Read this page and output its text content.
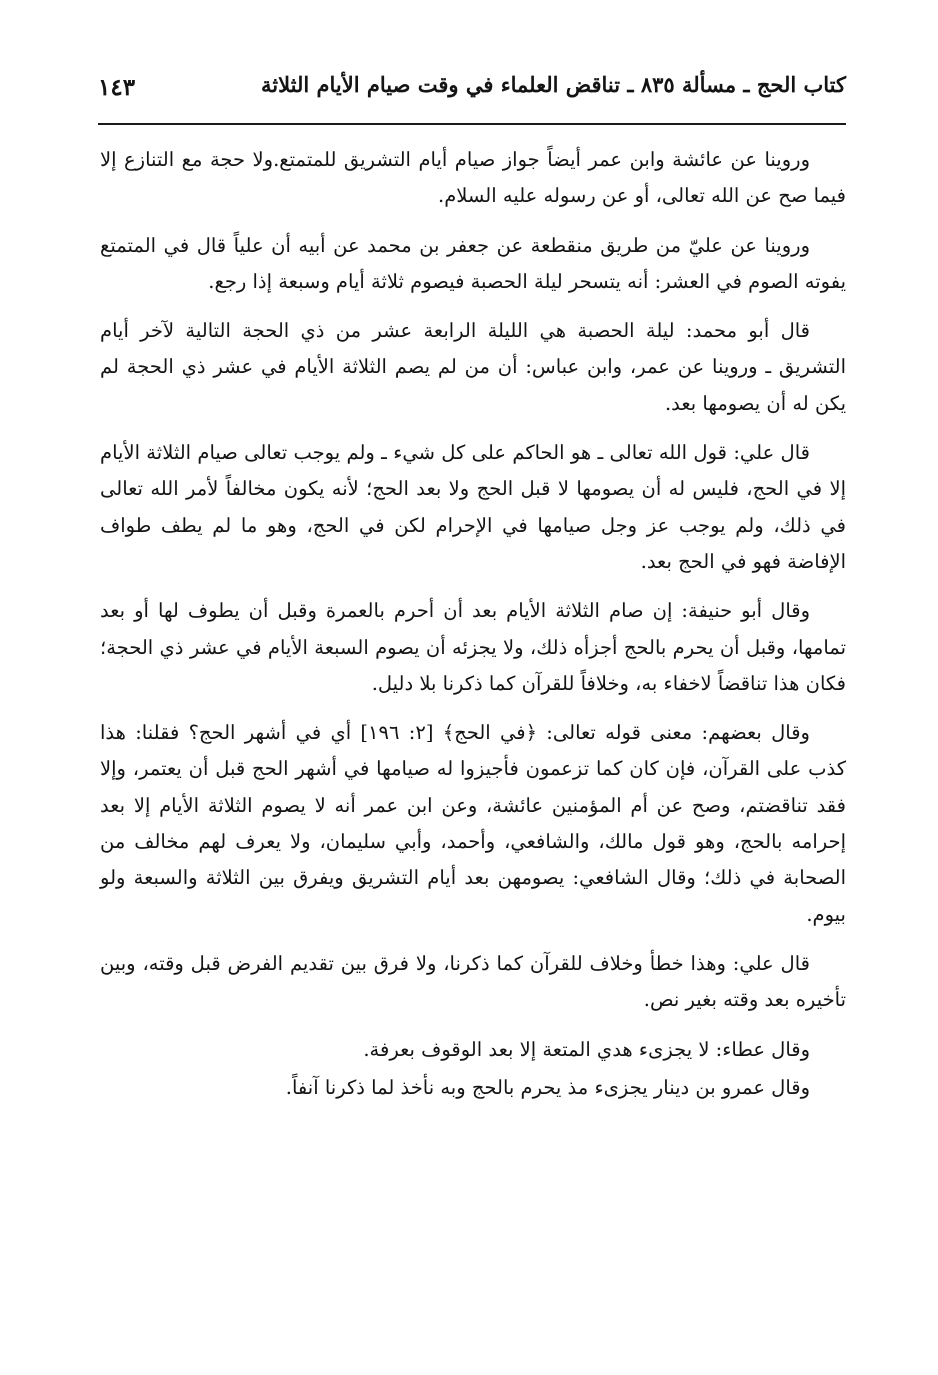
كتاب الحج ـ مسألة ٨٣٥ ـ تناقض العلماء في وقت صيام الأيام الثلاثة
١٤٣

وروينا عن عائشة وابن عمر أيضاً جواز صيام أيام التشريق للمتمتع.ولا حجة مع التنازع إلا فيما صح عن الله تعالى، أو عن رسوله عليه السلام.

وروينا عن عليّ من طريق منقطعة عن جعفر بن محمد عن أبيه أن علياً قال في المتمتع يفوته الصوم في العشر: أنه يتسحر ليلة الحصبة فيصوم ثلاثة أيام وسبعة إذا رجع.

قال أبو محمد: ليلة الحصبة هي الليلة الرابعة عشر من ذي الحجة التالية لآخر أيام التشريق ـ وروينا عن عمر، وابن عباس: أن من لم يصم الثلاثة الأيام في عشر ذي الحجة لم يكن له أن يصومها بعد.

قال علي: قول الله تعالى ـ هو الحاكم على كل شيء ـ ولم يوجب تعالى صيام الثلاثة الأيام إلا في الحج، فليس له أن يصومها لا قبل الحج ولا بعد الحج؛ لأنه يكون مخالفاً لأمر الله تعالى في ذلك، ولم يوجب عز وجل صيامها في الإحرام لكن في الحج، وهو ما لم يطف طواف الإفاضة فهو في الحج بعد.

وقال أبو حنيفة: إن صام الثلاثة الأيام بعد أن أحرم بالعمرة وقبل أن يطوف لها أو بعد تمامها، وقبل أن يحرم بالحج أجزأه ذلك، ولا يجزئه أن يصوم السبعة الأيام في عشر ذي الحجة؛ فكان هذا تناقضاً لاخفاء به، وخلافاً للقرآن كما ذكرنا بلا دليل.

وقال بعضهم: معنى قوله تعالى: ﴿في الحج﴾ [٢: ١٩٦] أي في أشهر الحج؟ فقلنا: هذا كذب على القرآن، فإن كان كما تزعمون فأجيزوا له صيامها في أشهر الحج قبل أن يعتمر، وإلا فقد تناقضتم، وصح عن أم المؤمنين عائشة، وعن ابن عمر أنه لا يصوم الثلاثة الأيام إلا بعد إحرامه بالحج، وهو قول مالك، والشافعي، وأحمد، وأبي سليمان، ولا يعرف لهم مخالف من الصحابة في ذلك؛ وقال الشافعي: يصومهن بعد أيام التشريق ويفرق بين الثلاثة والسبعة ولو بيوم.

قال علي: وهذا خطأ وخلاف للقرآن كما ذكرنا، ولا فرق بين تقديم الفرض قبل وقته، وبين تأخيره بعد وقته بغير نص.

وقال عطاء: لا يجزىء هدي المتعة إلا بعد الوقوف بعرفة.

وقال عمرو بن دينار يجزىء مذ يحرم بالحج وبه نأخذ لما ذكرنا آنفاً.
